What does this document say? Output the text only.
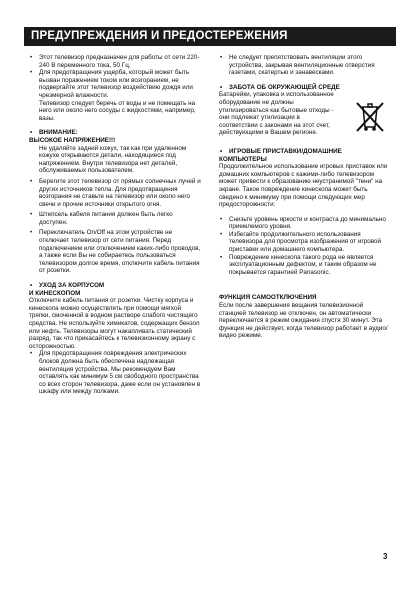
ПРЕДУПРЕЖДЕНИЯ И ПРЕДОСТЕРЕЖЕНИЯ
• Этот телевизор предназначен для работы от сети 220-240 В переменного тока, 50 Гц.
• Для предотвращения ущерба, который может быть вызван поражением током или возгоранием, не подвергайте этот телевизор воздействию дождя или чрезмерной влажности.

Телевизор следует беречь от воды и не помещать на него или около него сосуды с жидкостями, например, вазы.

• ВНИМАНИЕ:
ВЫСОКОЕ НАПРЯЖЕНИЕ!!!

Не удаляйте задний кожух, так как при удаленном кожухе открываются детали, находящиеся под напряжением. Внутри телевизора нет деталей, обслуживаемых пользователем.

• Берегите этот телевизор от прямых солнечных лучей и других источников тепла. Для предотвращения возгорания не ставьте на телевизор или около него свечи и прочие источники открытого огня.
• Штепсель кабеля питания должен быть легко доступен.
• Переключатель On/Off на этом устройстве не отключает телевизор от сети питания. Перед подключением или отключением каких-либо проводов, а также если Вы не собираетесь пользоваться телевизором долгое время, отключите кабель питания от розетки.
• УХОД ЗА КОРПУСОМ
И КИНЕСКОПОМ

Отключите кабель питания от розетки. Чистку корпуса и кинескопа можно осуществлять при помощи мягкой тряпки, смоченной в водном растворе слабого чистящего средства. Не используйте химикатов, содержащих бензол или нефть. Телевизоры могут накапливать статический разряд, так что прикасайтесь к телевизионному экрану с осторожностью.

• Для предотвращения повреждения электрических блоков должна быть обеспечена надлежащая вентиляция устройства. Мы рекомендуем Вам оставлять как минимум 5 см свободного пространства со всех сторон телевизора, даже если он установлен в шкафу или между полками.
• Не следует препятствовать вентиляции этого устройства, закрывая вентиляционные отверстия газетами, скатертью и занавесками.
• ЗАБОТА ОБ ОКРУЖАЮЩЕЙ СРЕДЕ

Батарейки, упаковка и использованное оборудование не должны утилизироваться как бытовые отходы - они подлежат утилизации в соответствии с законами на этот счет, действующими в Вашем регионе.

• ИГРОВЫЕ ПРИСТАВКИ/ДОМАШНИЕ
КОМПЬЮТЕРЫ

Продолжительное использование игровых приставок или домашних компьютеров с кажими-либо телевизором может привести к образованию неустранимой "тени" на экране. Такое повреждение кинескопа может быть сведено к минимуму при помощи следующих мер предосторожности:

• Снизьте уровень яркости и контраста до минимально приемлемого уровня.
• Избегайте продолжительного использования телевизора для просмотра изображения от игровой приставки или домашнего компьютера.
• Повреждение кинескопа такого рода не является эксплуатационным дефектом, и таким образом не покрывается гарантией Panasonic.
ФУНКЦИЯ САМООТКЛЮЧЕНИЯ

Если после завершения вещания телевизионной станцией телевизор не отключен, он автоматически переключается в режим ожидания спустя 30 минут. Эта функция не действует, когда телевизор работает в аудио/видео режиме.

3
